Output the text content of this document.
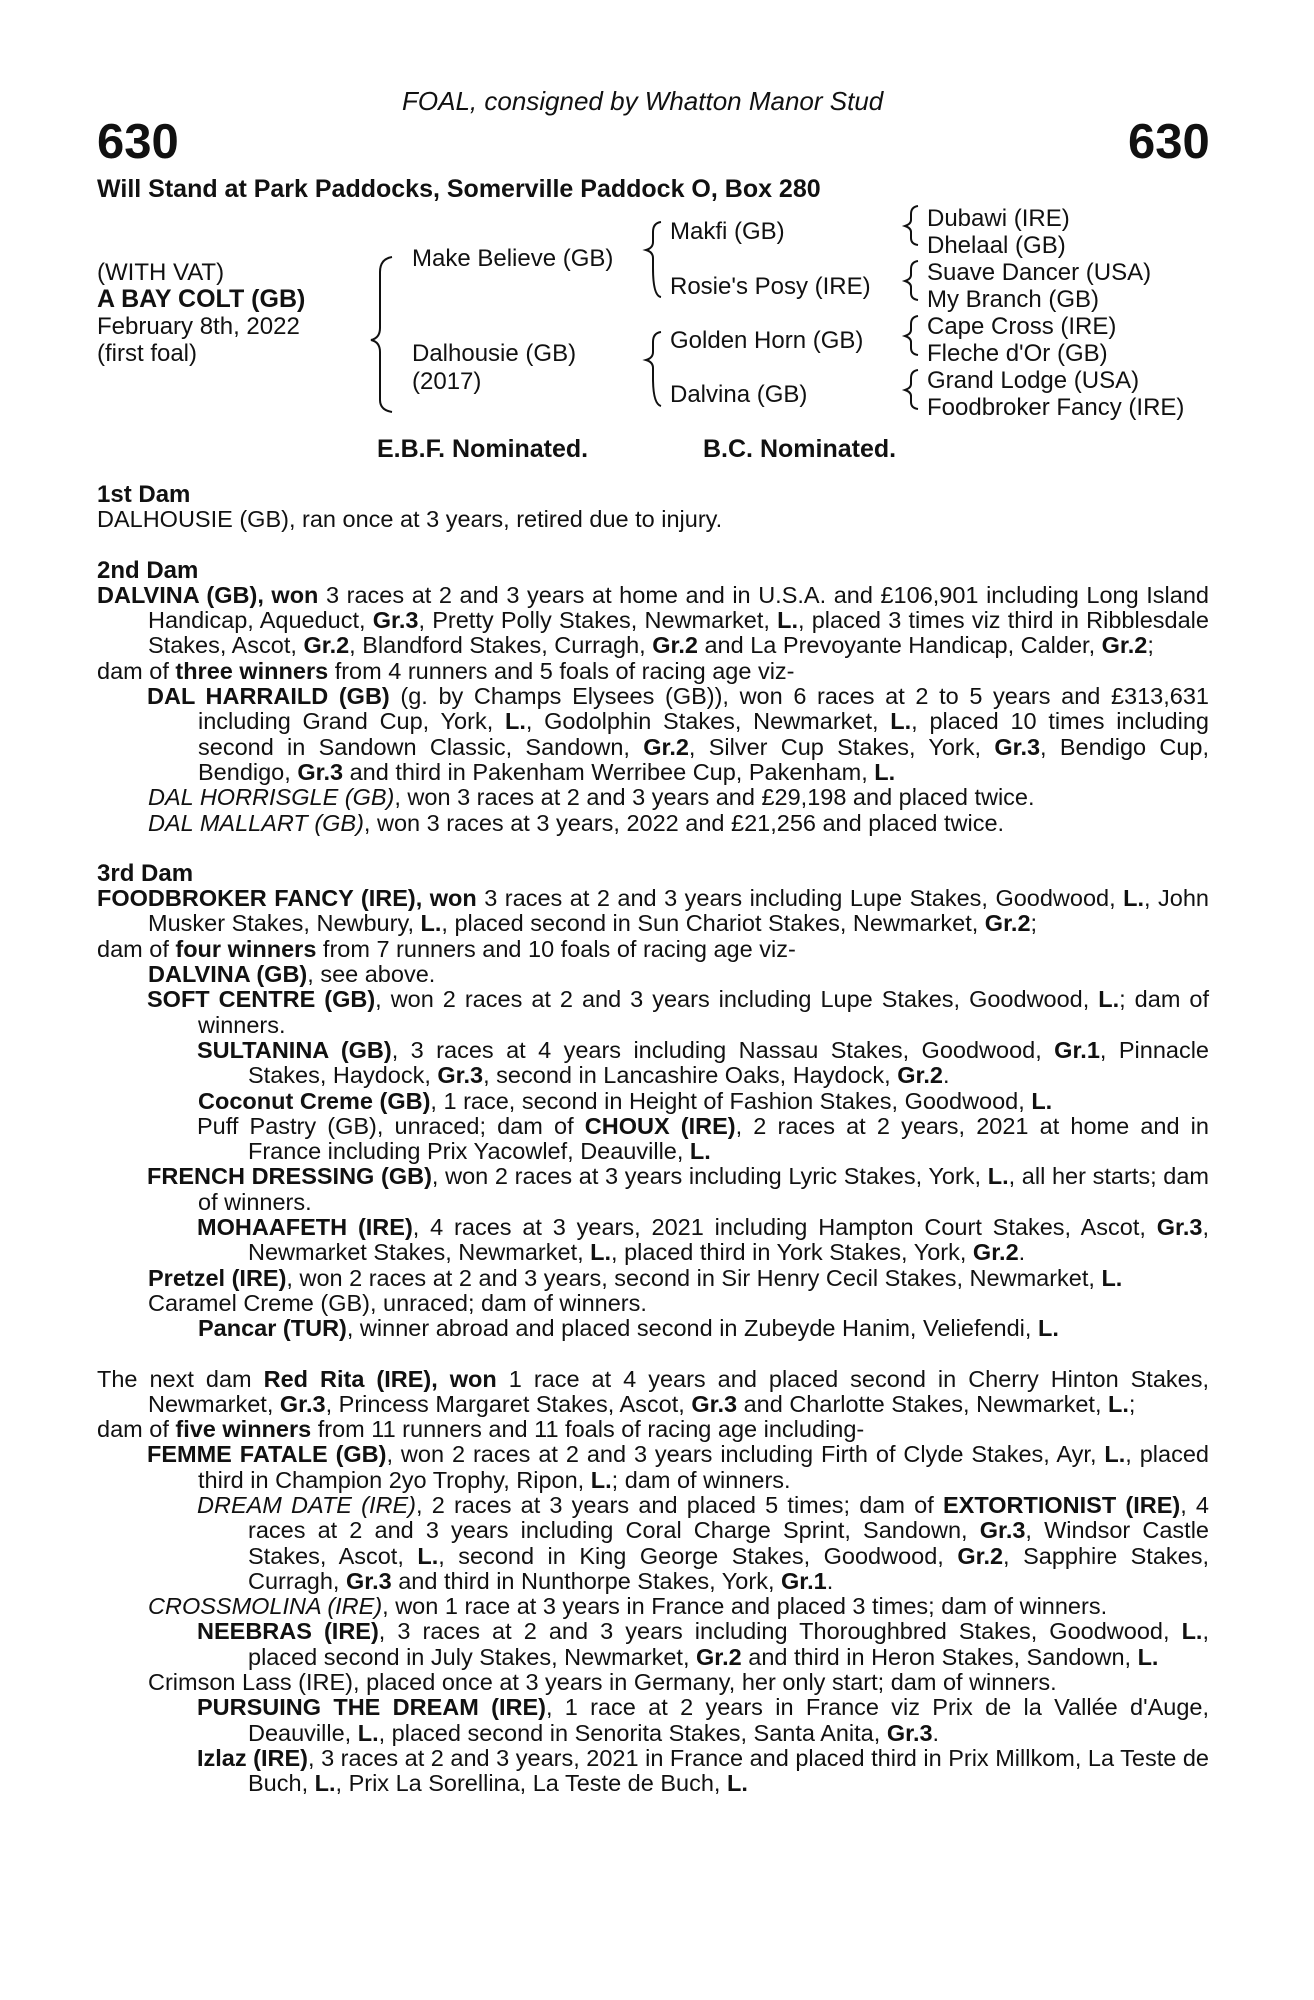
FOAL, consigned by Whatton Manor Stud
630	630
Will Stand at Park Paddocks, Somerville Paddock O, Box 280
(WITH VAT)
A BAY COLT (GB)
February 8th, 2022
(first foal)
Make Believe (GB)
Dalhousie (GB)
(2017)
Makfi (GB)
Rosie's Posy (IRE)
Golden Horn (GB)
Dalvina (GB)
Dubawi (IRE)
Dhelaal (GB)
Suave Dancer (USA)
My Branch (GB)
Cape Cross (IRE)
Fleche d'Or (GB)
Grand Lodge (USA)
Foodbroker Fancy (IRE)
E.B.F. Nominated.	B.C. Nominated.
1st Dam
DALHOUSIE (GB), ran once at 3 years, retired due to injury.
2nd Dam
DALVINA (GB), won 3 races at 2 and 3 years at home and in U.S.A. and £106,901 including Long Island Handicap, Aqueduct, Gr.3, Pretty Polly Stakes, Newmarket, L., placed 3 times viz third in Ribblesdale Stakes, Ascot, Gr.2, Blandford Stakes, Curragh, Gr.2 and La Prevoyante Handicap, Calder, Gr.2;
dam of three winners from 4 runners and 5 foals of racing age viz-
DAL HARRAILD (GB) (g. by Champs Elysees (GB)), won 6 races at 2 to 5 years and £313,631 including Grand Cup, York, L., Godolphin Stakes, Newmarket, L., placed 10 times including second in Sandown Classic, Sandown, Gr.2, Silver Cup Stakes, York, Gr.3, Bendigo Cup, Bendigo, Gr.3 and third in Pakenham Werribee Cup, Pakenham, L.
DAL HORRISGLE (GB), won 3 races at 2 and 3 years and £29,198 and placed twice.
DAL MALLART (GB), won 3 races at 3 years, 2022 and £21,256 and placed twice.
3rd Dam
FOODBROKER FANCY (IRE), won 3 races at 2 and 3 years including Lupe Stakes, Goodwood, L., John Musker Stakes, Newbury, L., placed second in Sun Chariot Stakes, Newmarket, Gr.2;
dam of four winners from 7 runners and 10 foals of racing age viz-
DALVINA (GB), see above.
SOFT CENTRE (GB), won 2 races at 2 and 3 years including Lupe Stakes, Goodwood, L.; dam of winners.
SULTANINA (GB), 3 races at 4 years including Nassau Stakes, Goodwood, Gr.1, Pinnacle Stakes, Haydock, Gr.3, second in Lancashire Oaks, Haydock, Gr.2.
Coconut Creme (GB), 1 race, second in Height of Fashion Stakes, Goodwood, L.
Puff Pastry (GB), unraced; dam of CHOUX (IRE), 2 races at 2 years, 2021 at home and in France including Prix Yacowlef, Deauville, L.
FRENCH DRESSING (GB), won 2 races at 3 years including Lyric Stakes, York, L., all her starts; dam of winners.
MOHAAFETH (IRE), 4 races at 3 years, 2021 including Hampton Court Stakes, Ascot, Gr.3, Newmarket Stakes, Newmarket, L., placed third in York Stakes, York, Gr.2.
Pretzel (IRE), won 2 races at 2 and 3 years, second in Sir Henry Cecil Stakes, Newmarket, L.
Caramel Creme (GB), unraced; dam of winners.
Pancar (TUR), winner abroad and placed second in Zubeyde Hanim, Veliefendi, L.
The next dam Red Rita (IRE), won 1 race at 4 years and placed second in Cherry Hinton Stakes, Newmarket, Gr.3, Princess Margaret Stakes, Ascot, Gr.3 and Charlotte Stakes, Newmarket, L.;
dam of five winners from 11 runners and 11 foals of racing age including-
FEMME FATALE (GB), won 2 races at 2 and 3 years including Firth of Clyde Stakes, Ayr, L., placed third in Champion 2yo Trophy, Ripon, L.; dam of winners.
DREAM DATE (IRE), 2 races at 3 years and placed 5 times; dam of EXTORTIONIST (IRE), 4 races at 2 and 3 years including Coral Charge Sprint, Sandown, Gr.3, Windsor Castle Stakes, Ascot, L., second in King George Stakes, Goodwood, Gr.2, Sapphire Stakes, Curragh, Gr.3 and third in Nunthorpe Stakes, York, Gr.1.
CROSSMOLINA (IRE), won 1 race at 3 years in France and placed 3 times; dam of winners.
NEEBRAS (IRE), 3 races at 2 and 3 years including Thoroughbred Stakes, Goodwood, L., placed second in July Stakes, Newmarket, Gr.2 and third in Heron Stakes, Sandown, L.
Crimson Lass (IRE), placed once at 3 years in Germany, her only start; dam of winners.
PURSUING THE DREAM (IRE), 1 race at 2 years in France viz Prix de la Vallée d'Auge, Deauville, L., placed second in Senorita Stakes, Santa Anita, Gr.3.
Izlaz (IRE), 3 races at 2 and 3 years, 2021 in France and placed third in Prix Millkom, La Teste de Buch, L., Prix La Sorellina, La Teste de Buch, L.
